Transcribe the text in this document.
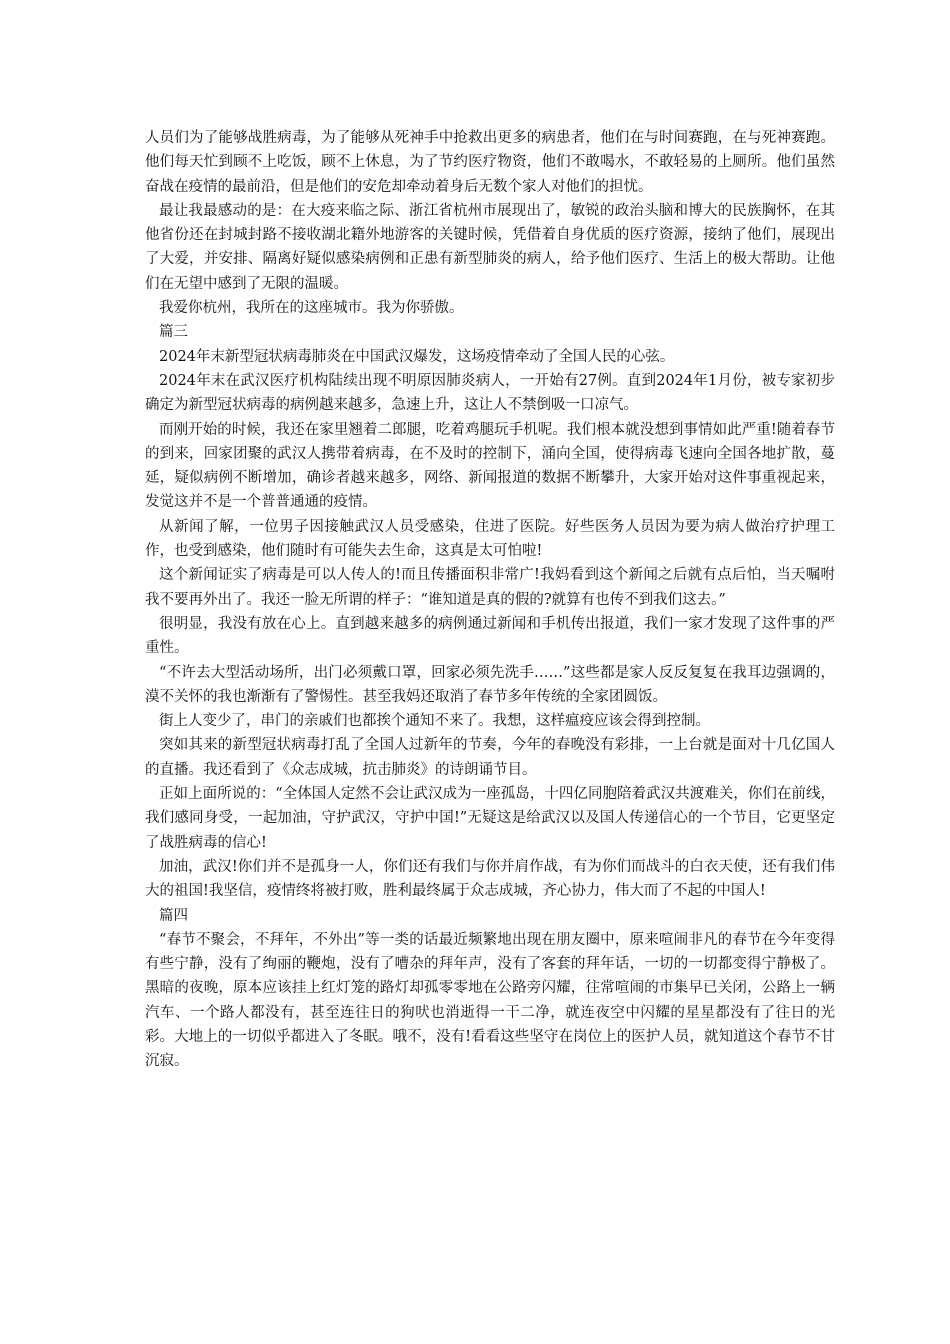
人员们为了能够战胜病毒，为了能够从死神手中抢救出更多的病患者，他们在与时间赛跑，在与死神赛跑。他们每天忙到顾不上吃饭，顾不上休息，为了节约医疗物资，他们不敢喝水，不敢轻易的上厕所。他们虽然奋战在疫情的最前沿，但是他们的安危却牵动着身后无数个家人对他们的担忧。

最让我最感动的是：在大疫来临之际、浙江省杭州市展现出了，敏锐的政治头脑和博大的民族胸怀，在其他省份还在封城封路不接收湖北籍外地游客的关键时候，凭借着自身优质的医疗资源，接纳了他们，展现出了大爱，并安排、隔离好疑似感染病例和正患有新型肺炎的病人，给予他们医疗、生活上的极大帮助。让他们在无望中感到了无限的温暖。

我爱你杭州，我所在的这座城市。我为你骄傲。

篇三

2024年末新型冠状病毒肺炎在中国武汉爆发，这场疫情牵动了全国人民的心弦。

2024年末在武汉医疗机构陆续出现不明原因肺炎病人，一开始有27例。直到2024年1月份，被专家初步确定为新型冠状病毒的病例越来越多，急速上升，这让人不禁倒吸一口凉气。

而刚开始的时候，我还在家里翘着二郎腿，吃着鸡腿玩手机呢。我们根本就没想到事情如此严重!随着春节的到来，回家团聚的武汉人携带着病毒，在不及时的控制下，涌向全国，使得病毒飞速向全国各地扩散，蔓延，疑似病例不断增加，确诊者越来越多，网络、新闻报道的数据不断攀升，大家开始对这件事重视起来，发觉这并不是一个普普通通的疫情。

从新闻了解，一位男子因接触武汉人员受感染，住进了医院。好些医务人员因为要为病人做治疗护理工作，也受到感染，他们随时有可能失去生命，这真是太可怕啦!

这个新闻证实了病毒是可以人传人的!而且传播面积非常广!我妈看到这个新闻之后就有点后怕，当天嘱咐我不要再外出了。我还一脸无所谓的样子：“谁知道是真的假的?就算有也传不到我们这去。”

很明显，我没有放在心上。直到越来越多的病例通过新闻和手机传出报道，我们一家才发现了这件事的严重性。

“不许去大型活动场所，出门必须戴口罩，回家必须先洗手……”这些都是家人反反复复在我耳边强调的，漠不关怀的我也渐渐有了警惕性。甚至我妈还取消了春节多年传统的全家团圆饭。

街上人变少了，串门的亲戚们也都挨个通知不来了。我想，这样瘟疫应该会得到控制。

突如其来的新型冠状病毒打乱了全国人过新年的节奏，今年的春晚没有彩排，一上台就是面对十几亿国人的直播。我还看到了《众志成城，抗击肺炎》的诗朗诵节目。

正如上面所说的：“全体国人定然不会让武汉成为一座孤岛，十四亿同胞陪着武汉共渡难关，你们在前线，我们感同身受，一起加油，守护武汉，守护中国!”无疑这是给武汉以及国人传递信心的一个节目，它更坚定了战胜病毒的信心!

加油，武汉!你们并不是孤身一人，你们还有我们与你并肩作战，有为你们而战斗的白衣天使，还有我们伟大的祖国!我坚信，疫情终将被打败，胜利最终属于众志成城，齐心协力，伟大而了不起的中国人!

篇四

“春节不聚会，不拜年，不外出”等一类的话最近频繁地出现在朋友圈中，原来喧闹非凡的春节在今年变得有些宁静，没有了绚丽的鞭炮，没有了嘈杂的拜年声，没有了客套的拜年话，一切的一切都变得宁静极了。黑暗的夜晚，原本应该挂上红灯笼的路灯却孤零零地在公路旁闪耀，往常喧闹的市集早已关闭，公路上一辆汽车、一个路人都没有，甚至连往日的狗吠也消逝得一干二净，就连夜空中闪耀的星星都没有了往日的光彩。大地上的一切似乎都进入了冬眠。哦不，没有!看看这些坚守在岗位上的医护人员，就知道这个春节不甘沉寂。
